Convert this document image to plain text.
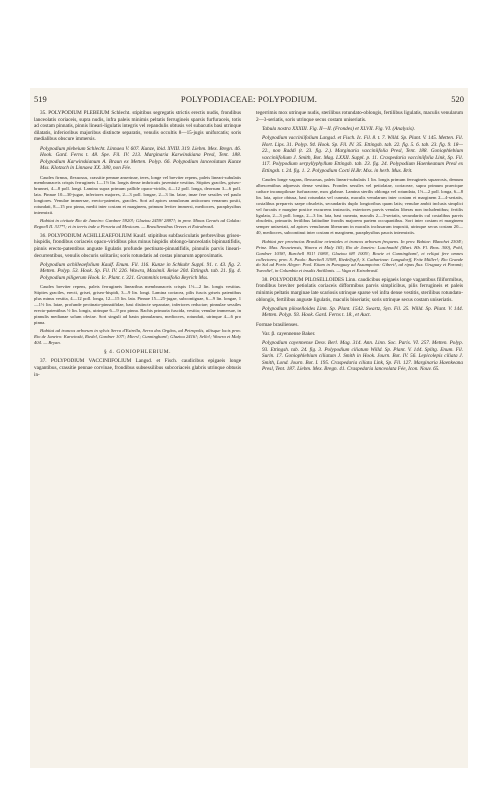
519	POLYPODIACEAE: POLYPODIUM.	520

35. POLYPODIUM PLEBEIUM Schlecht. stipitibus segregatis strictis erectis nudis, frondibus lanceolatis coriaceis, supra nudis, infra paleis minimis peltatis ferrugineis sparsis furfuraceis, totis ad costam pinnatis, pinnis lineari-ligulatis integris vel repandulis obtusis vel subacutis basi utrinque dilatatis, inferioribus majoribus distincte separatis, venulis occultis 8—15-jugis unifurcatis; soris medialibus obscure immersis.

Polypodium plebeium Schlecht. Linnaea V. 607. Kunze, ibid. XVIII. 319. Liebm. Mex. Bregn. 46. Hook. Gard. Ferns t. 48. Spe. Fil. IV. 213. Marginaria Karwinskiana Presl, Tent. 188. Polypodium Karwinskianum A. Braun ex Metten. Polyp. 66. Polypodium lanceolatum Kunze Mss. Klotzsch in Linnaea XX. 380, non Fée.

Caudex firmus, flexuosus, crassitie pennae anserinae, teres, longe vel breviter repens, paleis lineari-subulatis membranaceis crispis ferrugineis 1—1½ lin. longis dense imbricatis juventute vestitus. Stipites graciles, griseo-brunnei, 4—8 poll. longi. Lamina supra primum pallide opaco-viridis, 4—12 poll. longa, deorsum 3—6 poll. lata. Pinnae 10—30-jugae, inferiores majores, 2—3 poll. longae, 2—3 lin. latae, imae fere sessiles vel paulo longiores. Venulae immersae, erecto-patentes, graciles. Sori ad apices ramulorum anticorum venarum positi, rotundati, 8—15 pro pinna, medii inter costam et marginem, primum leviter immersi, mediocres, paraphysibus intermixti.

Habitat in civitate Rio de Janeiro: Gardner 5920!; Glaziou 2459! 2887!; in prov. Minas Geraës ad Caldas: Regnell II. 317*!; et in terris inde a Peruvia ad Mexicum. — Brasiliensibus Orezes et Extrabrasil.

36. POLYPODIUM ACHILLEAEFOLIUM Kaulf. stipitibus subfasciculatis perbrevibus griseo-hispidis, frondibus coriaceis opaco-viridibus plus minus hispidis oblongo-lanceolatis bipinnatifidis, pinnis erecto-patentibus anguste ligulatis profunde pectinato-pinnatifidis, pinnulis parvis lineari-decurrentibus, venulis obscuris solitariis; soris rotundatis ad costas pinnarum approximatis.

Polypodium achilleaefolium Kaulf. Enum. Fil. 116. Kunze in Schkuhr Suppl. 91. t. 43. fig. 2. Metten. Polyp. 53. Hook. Sp. Fil. IV. 226. Wawra, Maximil. Reise 204. Ettingsh. tab. 21. fig. 4. Polypodium piligerum Hook. Ic. Plant. t. 321. Grammitis tenuifolia Beyrich Mss.

Caudex breviter repens, paleis ferrugineis linearibus membranaceis crispis 1½—2 lin. longis vestitus. Stipites graciles, erecti, grisei, griseo-hispidi, 3—9 lin. longi. Lamina coriacea, pilis fuscis griseis patentibus plus minus vestita, 4—12 poll. longa, 12—15 lin. lata. Pinnae 15—25-jugae, subcontiguae, 6—9 lin. longae, 1—1½ lin. latae, profunde pectinato-pinnatifidae, basi distincte separatae, inferiores reductae; pinnulae sessiles erecto-patentibus ½ lin. longis, utrinque 6—9 pro pinna. Rachis primaria fuscida, vestita; venulae immersae, in pinnulis medianae solum obviae. Sori singuli ad basin pinnularum, mediocres, rotundati, utrinque 4—6 pro pinna.

Habitat ad truncos arborum in sylvis Serra d'Estrella, Serra dos Orgâos, ad Petropolis, aliisque locis prov. Rio de Janeiro: Karwinski, Riedel, Gardner 107!; Miers!; Cunningham!; Glaziou 2416!; Sello!; Wawra et Maly 404. — Bryan.

§ 4. GONIOPHLEBIUM.

37. POLYPODIUM VACCINIIFOLIUM Langsd. et Fisch. caudicibus epigaeis longe vagantibus, crassitie pennae corvinae, frondibus subsessilibus subcoriaceis glabris utrinque obtusis in-

tegerrimis mox utrinque nudis, sterilibus rotundato-oblongis, fertilibus ligulatis, maculis venularum 2—3-seriatis, soris utrinque secus costam uniseriatis.

Tabula nostra XXXIII. Fig. II—II. (Frondes) et XLVII. Fig. VI. (Analysis).

Polypodium vacciniifolium Langsd. et Fisch. Ic. Fil. 8. t. 7. Willd. Sp. Plant. V. 145. Metten. Fil. Hort. Lips. 31. Polyp. 94. Hook. Sp. Fil. IV. 35. Ettingsh. tab. 22. fig. 5. 6. tab. 23. fig. 9. 18—22., non Raddi (t. 23. fig. 2.). Marginaria vacciniifolia Presl, Tent. 188. Goniophlebium vacciniifolium J. Smith, Bot. Mag. LXXII. Suppl. p. 11. Craspedaria vacciniifolia Link, Sp. Fil. 117. Polypodium serpyllyphyllum Ettingsh. tab. 23. fig. 24. Polypodium Haenkeanum Presl ex Ettingsh. t. 24. fig. 1. 2. Polypodium Cocti H.Br. Mss. in herb. Mus. Brit.

Caudex longe vagans, flexuosus, paleis lineari-subulatis 1 lin. longis primum ferrugineis squarrosis, demum albescentibus adpressis dense vestitus. Frondes sessiles vel petiolatae, coriaceae, supra primum praecique caduce incanopilosae furfuraceae, mox glabrae. Lamina sterilis oblonga vel rotundata, 1½—2 poll. longa, 6—8 lin. lata, apice obtusa, basi rotundata vel cuneata, maculis venularum inter costam et marginem 2—4-seriatis, costalibus preparvis saepe obsoletis, secundariis duplo longioribus quam latis; venulae ambit inclusis simplici vel furcatis e margine postice excurrens instructis, exteriores parvis venulas liberas non includentibus; fertilis ligulata, 2—3 poll. longa, 2—3 lin. lata, basi cuneata, maculis 2—3-seriatis, secundariis cul costalibus parvis obsoletis, primariis fertilibus latitudine frondis majorem partem occupantibus. Sori inter costam et marginem semper uniseriati, ad apices venularum liberarum in maculis inclusarum impositi, utrinque secus costam 20—40, mediocres, subcontinui inter costam et marginem, paraphysibus paucis intermixtis.

Habitat per provincias Brasiliae orientales et truncos arborum frequens. In prov. Bahiae: Blanchet 2304!; Prinz. Max. Neuwiensis, Wawra et Maly 165; Rio de Janeiro: Luschnath! (Mart. Hb. Fl. Bras. 300), Pohl, Gardner 1038!, Burchell 951! 1080!, Glaziou 68! 1005!; Bowie et Cunningham!, et reliqui fere omnes collectores; prov. S. Paulo: Burchell 3198!, Riedel(sp)!; S. Catharinae: Langsdorff, Fritz Müller!; Rio Grande do Sul ad Porto Alegre: Pool. Etiam in Paraguay ad Assumpcion: Gibert!, ad ripas flux. Uruguay et Paranà; Tweedie!, in Columbia et insulis Antillanis. — Vaga et Extrabrasil.

38. POLYPODIUM PILOSELLOIDES Linn. caudicibus epigaeis longe vagantibus filiformibus, frondibus breviter petiolatis coriaceis difformibus parvis simplicibus, pilis ferrugineis et paleis minimis peltatis marginae late scariosis utrinque sparse vel infra dense vestitis, sterilibus rotundato-oblongis, fertilibus anguste ligulatis, maculis biseriatis; soris utrinque secus costam uniseriatis.

Polypodium piloselloides Linn. Sp. Plant. 1542. Swartz, Syn. Fil. 25. Willd. Sp. Plant. V. 144. Metten. Polyp. 93. Hook. Gard. Ferns t. 18., et Auct.

Formae brasilienses.

Var. β. cayennense Baker.

Polypodium cayennense Desv. Berl. Mag. 314. Ann. Linn. Soc. Paris. VI. 257. Metten. Polyp. 93. Ettingsh. tab. 24. fig. 3. Polypodium ciliatum Willd. Sp. Plant. V. 144. Splitg. Enum. Fil. Surin. 17. Goniophlebium ciliatum J. Smith in Hook. Journ. Bot. IV. 56. Lepicolepis ciliata J. Smith, Lond. Journ. Bot. I. 195. Craspedaria ciliata Link, Sp. Fil. 127. Marginaria Haenkeana Presl, Tent. 187. Liebm. Mex. Bregn. 41. Craspedaria lanceolata Fée, Icon. Nouv. 65.
